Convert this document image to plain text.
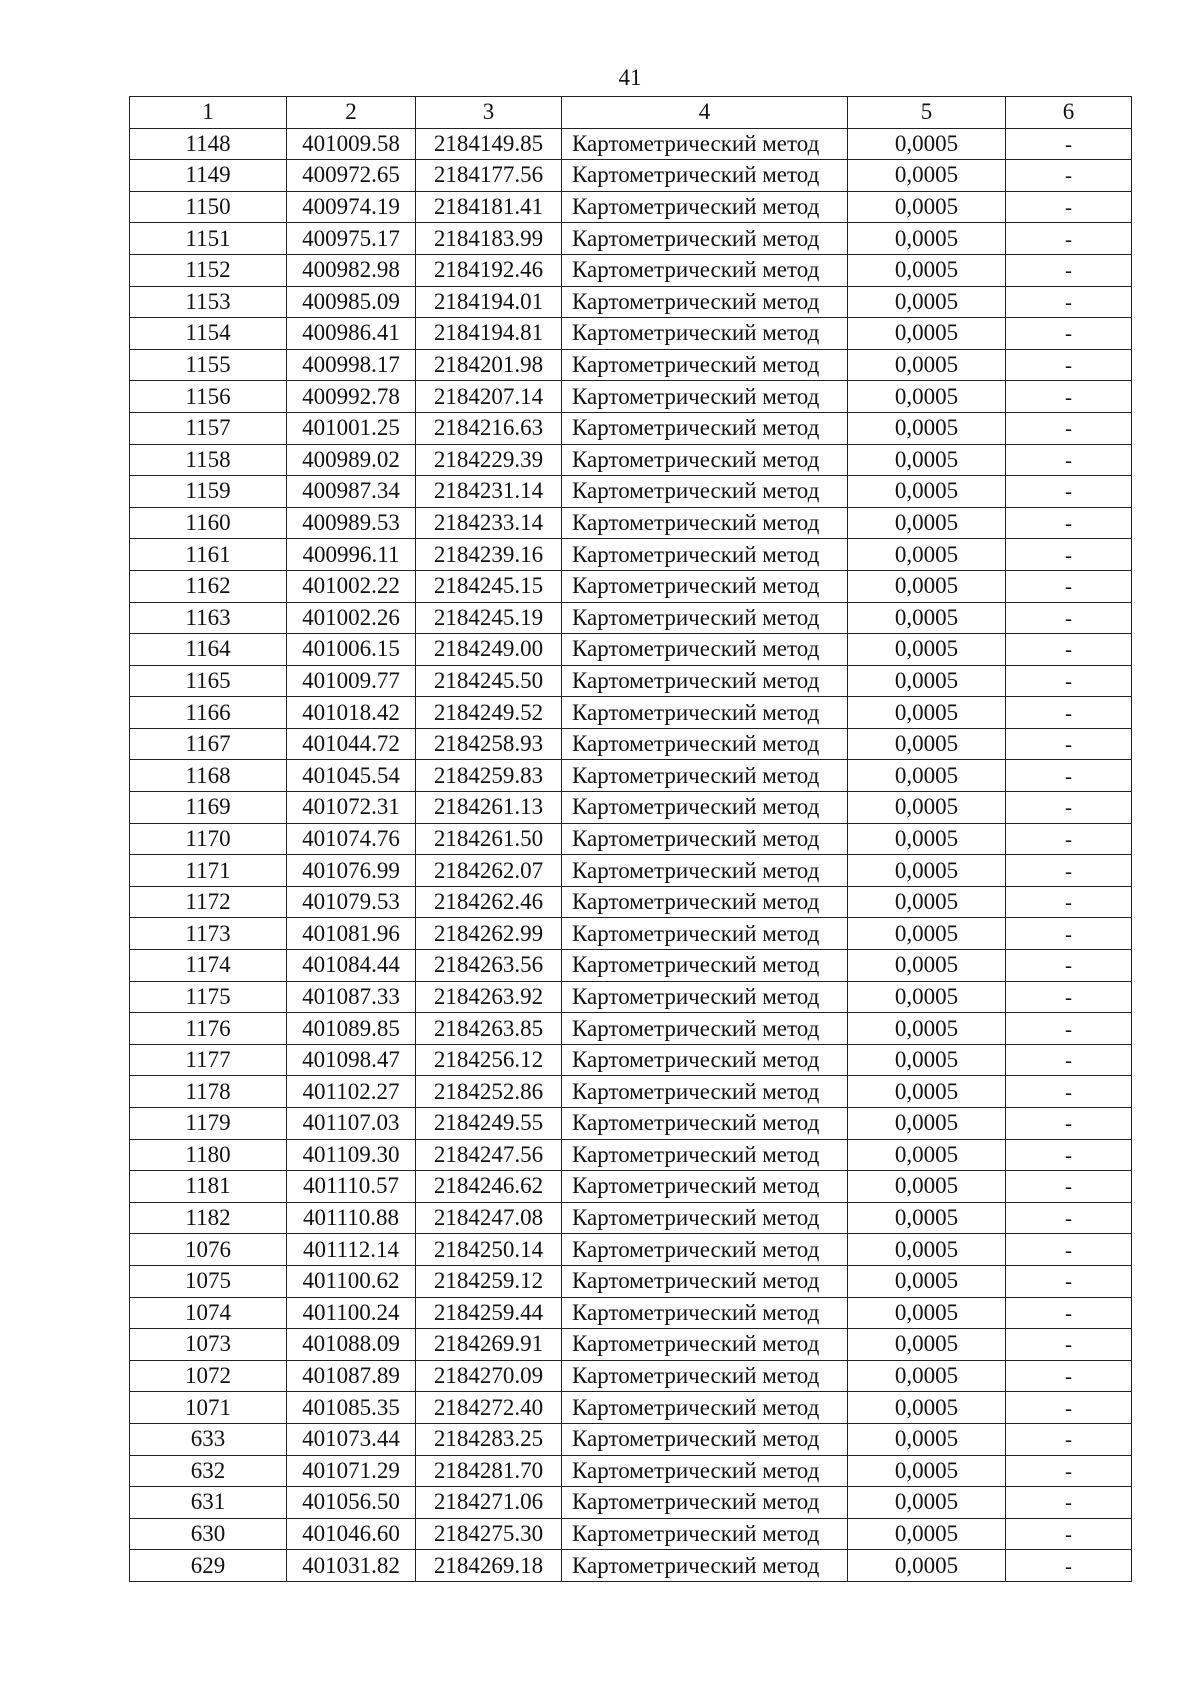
41
1	2	3	4	5	6
1148	401009.58	2184149.85	Картометрический метод	0,0005	-
1149	400972.65	2184177.56	Картометрический метод	0,0005	-
1150	400974.19	2184181.41	Картометрический метод	0,0005	-
1151	400975.17	2184183.99	Картометрический метод	0,0005	-
1152	400982.98	2184192.46	Картометрический метод	0,0005	-
1153	400985.09	2184194.01	Картометрический метод	0,0005	-
1154	400986.41	2184194.81	Картометрический метод	0,0005	-
1155	400998.17	2184201.98	Картометрический метод	0,0005	-
1156	400992.78	2184207.14	Картометрический метод	0,0005	-
1157	401001.25	2184216.63	Картометрический метод	0,0005	-
1158	400989.02	2184229.39	Картометрический метод	0,0005	-
1159	400987.34	2184231.14	Картометрический метод	0,0005	-
1160	400989.53	2184233.14	Картометрический метод	0,0005	-
1161	400996.11	2184239.16	Картометрический метод	0,0005	-
1162	401002.22	2184245.15	Картометрический метод	0,0005	-
1163	401002.26	2184245.19	Картометрический метод	0,0005	-
1164	401006.15	2184249.00	Картометрический метод	0,0005	-
1165	401009.77	2184245.50	Картометрический метод	0,0005	-
1166	401018.42	2184249.52	Картометрический метод	0,0005	-
1167	401044.72	2184258.93	Картометрический метод	0,0005	-
1168	401045.54	2184259.83	Картометрический метод	0,0005	-
1169	401072.31	2184261.13	Картометрический метод	0,0005	-
1170	401074.76	2184261.50	Картометрический метод	0,0005	-
1171	401076.99	2184262.07	Картометрический метод	0,0005	-
1172	401079.53	2184262.46	Картометрический метод	0,0005	-
1173	401081.96	2184262.99	Картометрический метод	0,0005	-
1174	401084.44	2184263.56	Картометрический метод	0,0005	-
1175	401087.33	2184263.92	Картометрический метод	0,0005	-
1176	401089.85	2184263.85	Картометрический метод	0,0005	-
1177	401098.47	2184256.12	Картометрический метод	0,0005	-
1178	401102.27	2184252.86	Картометрический метод	0,0005	-
1179	401107.03	2184249.55	Картометрический метод	0,0005	-
1180	401109.30	2184247.56	Картометрический метод	0,0005	-
1181	401110.57	2184246.62	Картометрический метод	0,0005	-
1182	401110.88	2184247.08	Картометрический метод	0,0005	-
1076	401112.14	2184250.14	Картометрический метод	0,0005	-
1075	401100.62	2184259.12	Картометрический метод	0,0005	-
1074	401100.24	2184259.44	Картометрический метод	0,0005	-
1073	401088.09	2184269.91	Картометрический метод	0,0005	-
1072	401087.89	2184270.09	Картометрический метод	0,0005	-
1071	401085.35	2184272.40	Картометрический метод	0,0005	-
633	401073.44	2184283.25	Картометрический метод	0,0005	-
632	401071.29	2184281.70	Картометрический метод	0,0005	-
631	401056.50	2184271.06	Картометрический метод	0,0005	-
630	401046.60	2184275.30	Картометрический метод	0,0005	-
629	401031.82	2184269.18	Картометрический метод	0,0005	-
